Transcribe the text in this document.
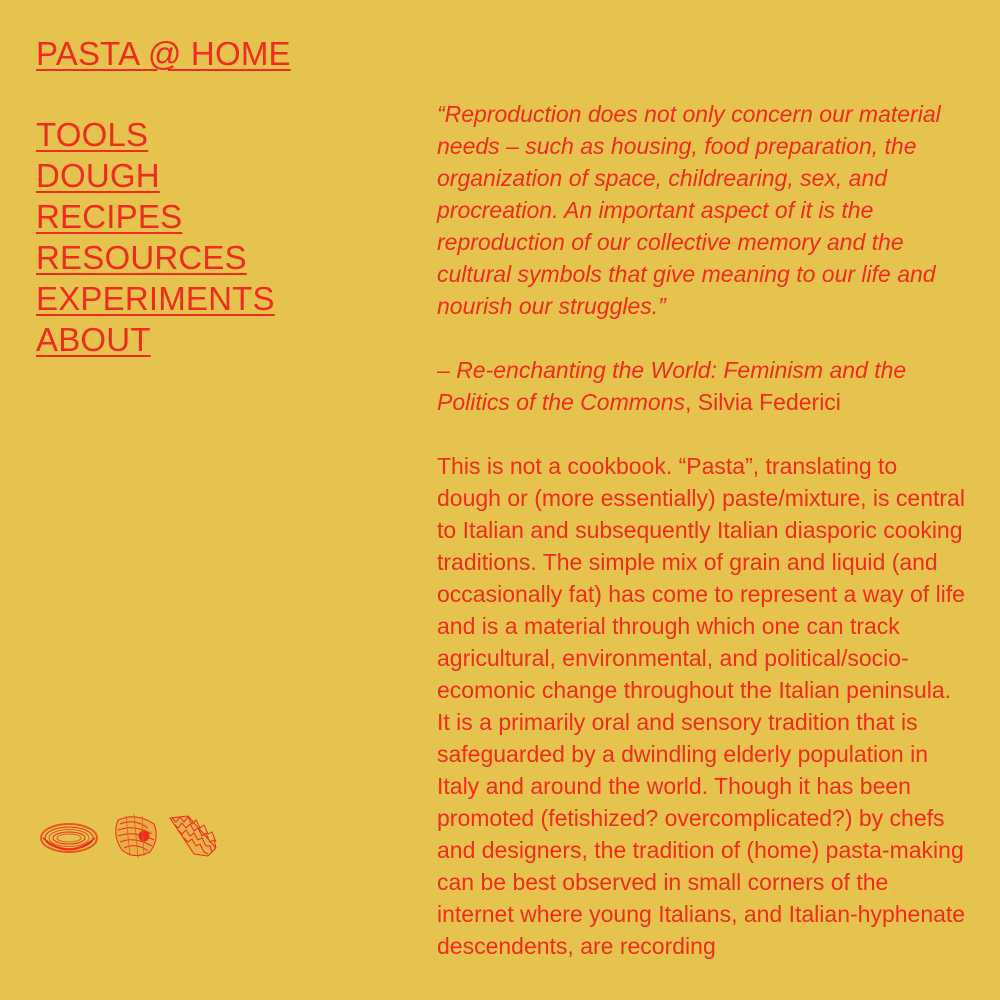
PASTA @ HOME
TOOLS
DOUGH
RECIPES
RESOURCES
EXPERIMENTS
ABOUT

“Reproduction does not only concern our material needs – such as housing, food preparation, the organization of space, childrearing, sex, and procreation. An important aspect of it is the reproduction of our collective memory and the cultural symbols that give meaning to our life and nourish our struggles.”

– Re-enchanting the World: Feminism and the Politics of the Commons, Silvia Federici

This is not a cookbook. “Pasta”, translating to dough or (more essentially) paste/mixture, is central to Italian and subsequently Italian diasporic cooking traditions. The simple mix of grain and liquid (and occasionally fat) has come to represent a way of life and is a material through which one can track agricultural, environmental, and political/socio-ecomonic change throughout the Italian peninsula. It is a primarily oral and sensory tradition that is safeguarded by a dwindling elderly population in Italy and around the world. Though it has been promoted (fetishized? overcomplicated?) by chefs and designers, the tradition of (home) pasta-making can be best observed in small corners of the internet where young Italians, and Italian-hyphenate descendents, are recording
